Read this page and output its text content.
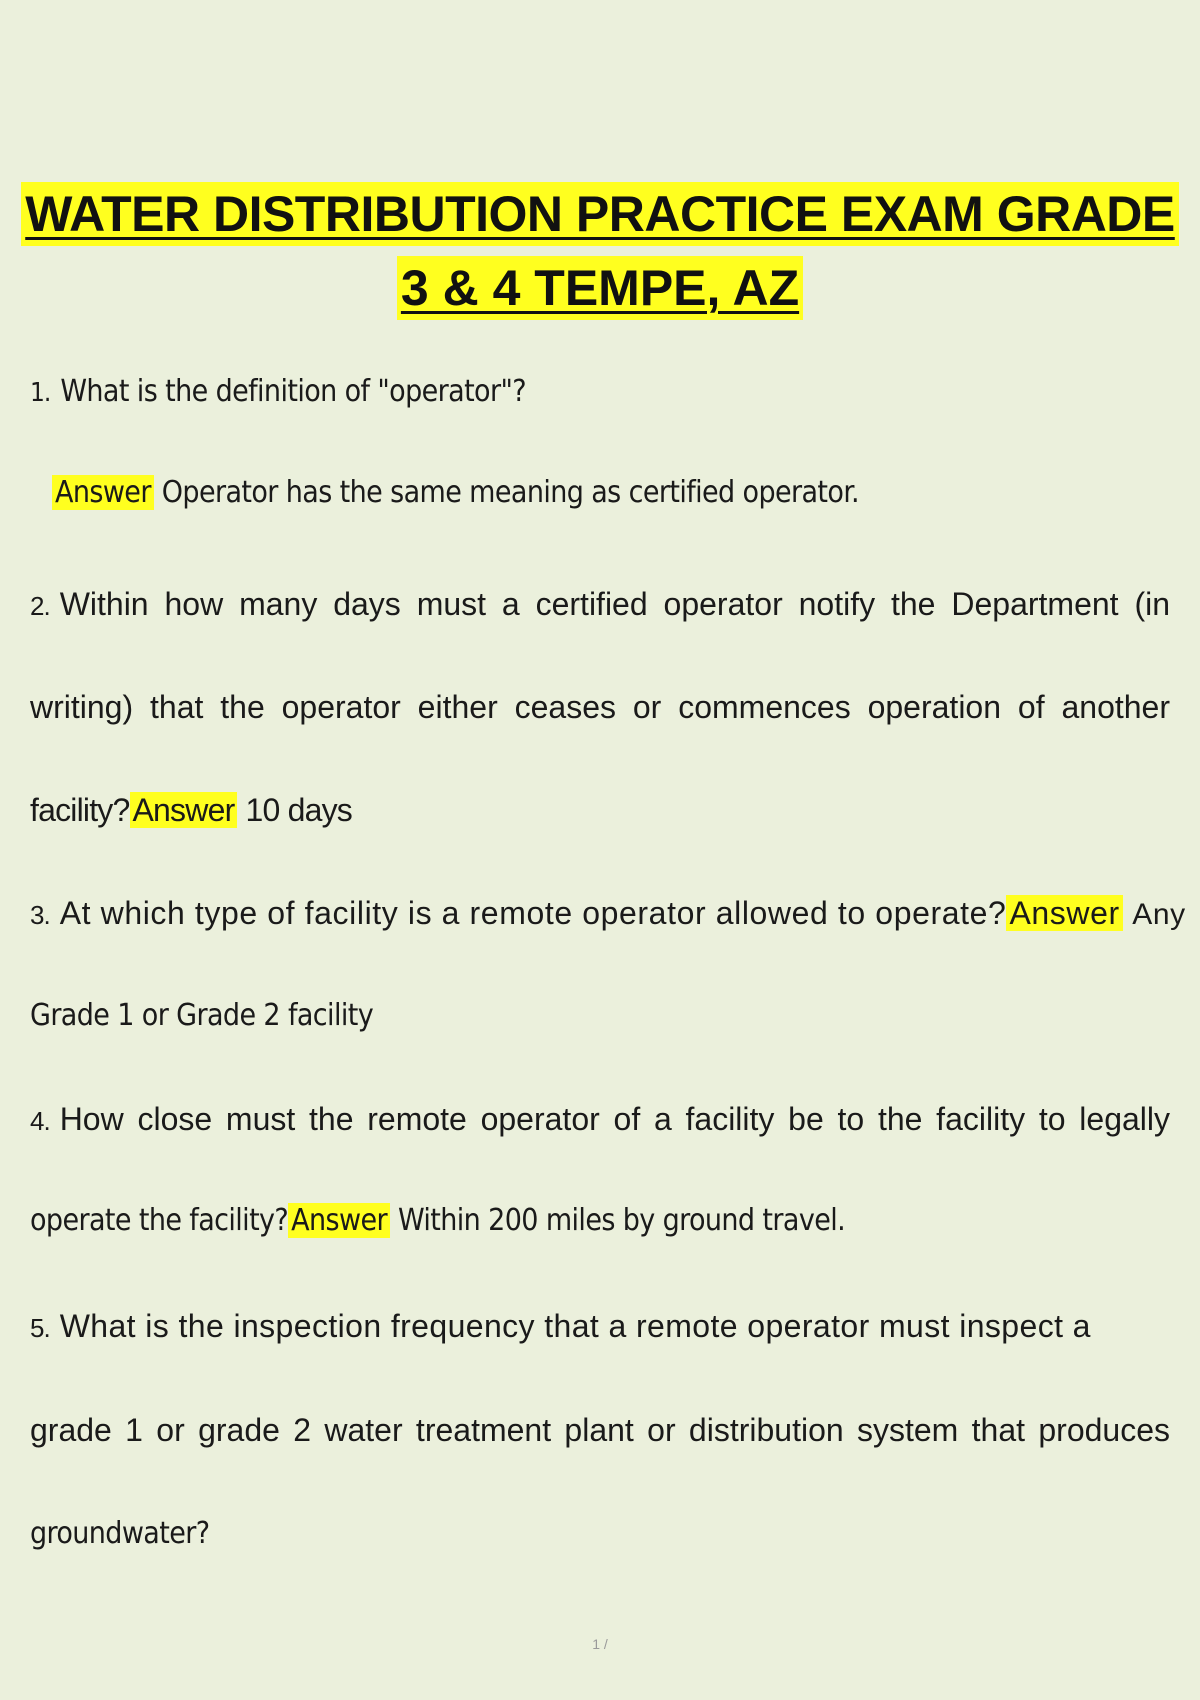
WATER DISTRIBUTION PRACTICE EXAM GRADE
3 & 4 TEMPE, AZ
1. What is the definition of "operator"?
Answer Operator has the same meaning as certified operator.
2. Within how many days must a certified operator notify the Department (in
writing) that the operator either ceases or commences operation of another
facility?Answer 10 days
3. At which type of facility is a remote operator allowed to operate?Answer Any
Grade 1 or Grade 2 facility
4. How close must the remote operator of a facility be to the facility to legally
operate the facility? Answer Within 200 miles by ground travel.
5. What is the inspection frequency that a remote operator must inspect a
grade 1 or grade 2 water treatment plant or distribution system that produces
groundwater?
1 /
